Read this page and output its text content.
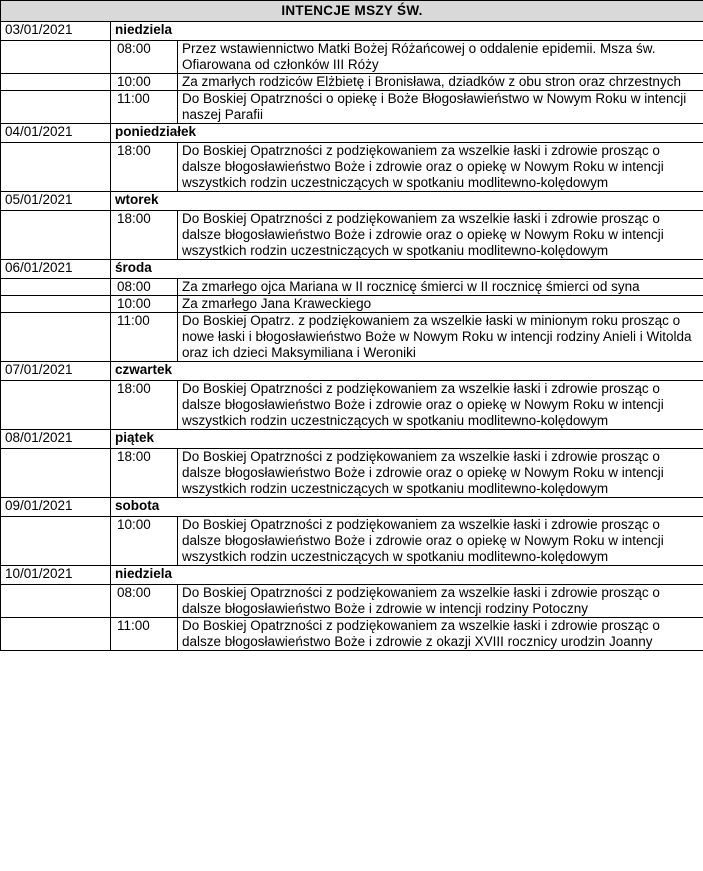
INTENCJE MSZY ŚW.		
03/01/2021	niedziela	
	08:00	Przez wstawiennictwo Matki Bożej Różańcowej o oddalenie epidemii. Msza św. Ofiarowana od członków III Róży
	10:00	Za zmarłych rodziców Elżbietę i Bronisława, dziadków z obu stron oraz chrzestnych
	11:00	Do Boskiej Opatrzności o opiekę i Boże Błogosławieństwo w Nowym Roku w intencji naszej Parafii
04/01/2021	poniedziałek	
	18:00	Do Boskiej Opatrzności z podziękowaniem za wszelkie łaski i zdrowie prosząc o dalsze błogosławieństwo Boże i zdrowie oraz o opiekę w Nowym Roku w intencji wszystkich rodzin uczestniczących w spotkaniu modlitewno-kolędowym
05/01/2021	wtorek	
	18:00	Do Boskiej Opatrzności z podziękowaniem za wszelkie łaski i zdrowie prosząc o dalsze błogosławieństwo Boże i zdrowie oraz o opiekę w Nowym Roku w intencji wszystkich rodzin uczestniczących w spotkaniu modlitewno-kolędowym
06/01/2021	środa	
	08:00	Za zmarłego ojca Mariana w II rocznicę śmierci w II rocznicę śmierci od syna
	10:00	Za zmarłego Jana Kraweckiego
	11:00	Do Boskiej Opatrz. z podziękowaniem za wszelkie łaski w minionym roku prosząc o nowe łaski i błogosławieństwo Boże w Nowym Roku w intencji rodziny Anieli i Witolda oraz ich dzieci Maksymiliana i Weroniki
07/01/2021	czwartek	
	18:00	Do Boskiej Opatrzności z podziękowaniem za wszelkie łaski i zdrowie prosząc o dalsze błogosławieństwo Boże i zdrowie oraz o opiekę w Nowym Roku w intencji wszystkich rodzin uczestniczących w spotkaniu modlitewno-kolędowym
08/01/2021	piątek	
	18:00	Do Boskiej Opatrzności z podziękowaniem za wszelkie łaski i zdrowie prosząc o dalsze błogosławieństwo Boże i zdrowie oraz o opiekę w Nowym Roku w intencji wszystkich rodzin uczestniczących w spotkaniu modlitewno-kolędowym
09/01/2021	sobota	
	10:00	Do Boskiej Opatrzności z podziękowaniem za wszelkie łaski i zdrowie prosząc o dalsze błogosławieństwo Boże i zdrowie oraz o opiekę w Nowym Roku w intencji wszystkich rodzin uczestniczących w spotkaniu modlitewno-kolędowym
10/01/2021	niedziela	
	08:00	Do Boskiej Opatrzności z podziękowaniem za wszelkie łaski i zdrowie prosząc o dalsze błogosławieństwo Boże i zdrowie w intencji rodziny Potoczny
	11:00	Do Boskiej Opatrzności z podziękowaniem za wszelkie łaski i zdrowie prosząc o dalsze błogosławieństwo Boże i zdrowie z okazji XVIII rocznicy urodzin Joanny
